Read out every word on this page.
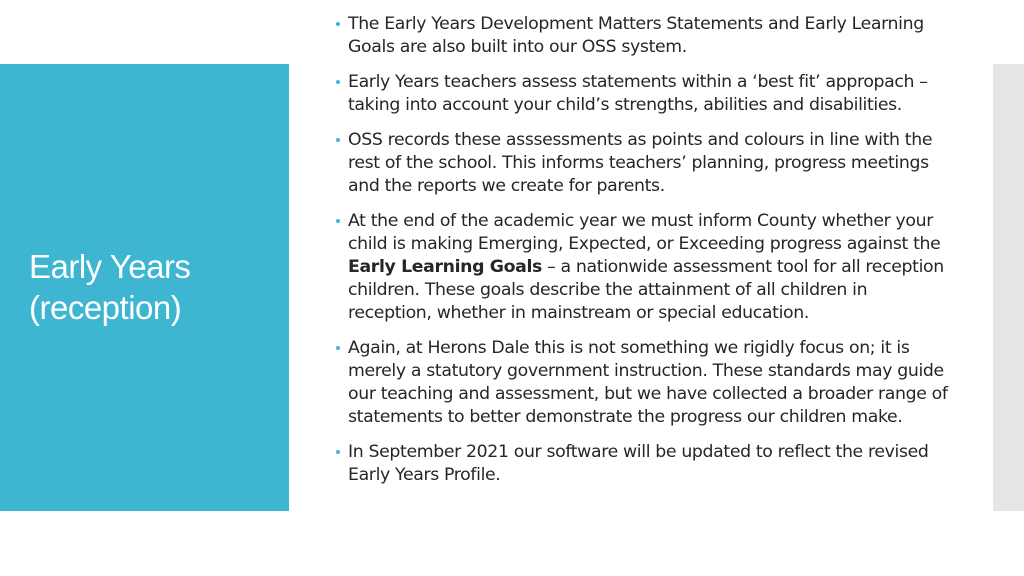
Early Years
(reception)

The Early Years Development Matters Statements and Early Learning Goals are also built into our OSS system.

Early Years teachers assess statements within a ‘best fit’ appropach – taking into account your child’s strengths, abilities and disabilities.

OSS records these asssessments as points and colours in line with the rest of the school. This informs teachers’ planning, progress meetings and the reports we create for parents.

At the end of the academic year we must inform County whether your child is making Emerging, Expected, or Exceeding progress against the Early Learning Goals – a nationwide assessment tool for all reception children. These goals describe the attainment of all children in reception, whether in mainstream or special education.

Again, at Herons Dale this is not something we rigidly focus on; it is merely a statutory government instruction. These standards may guide our teaching and assessment, but we have collected a broader range of statements to better demonstrate the progress our children make.

In September 2021 our software will be updated to reflect the revised Early Years Profile.
